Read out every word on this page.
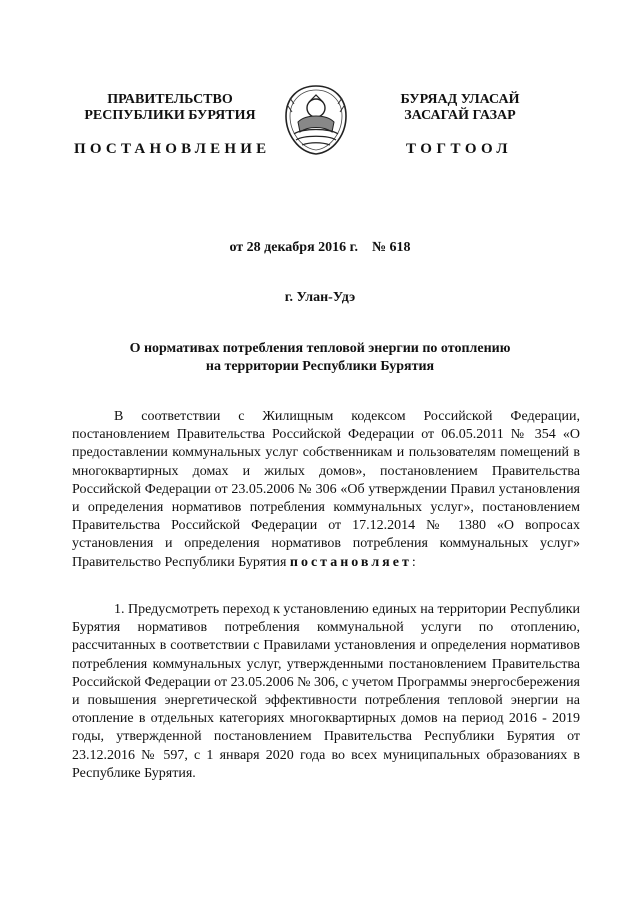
ПРАВИТЕЛЬСТВО
РЕСПУБЛИКИ БУРЯТИЯ
ПОСТАНОВЛЕНИЕ
БУРЯАД УЛАСАЙ
ЗАСАГАЙ ГАЗАР
ТОГТООЛ
от 28 декабря 2016 г.    № 618
г. Улан-Удэ
О нормативах потребления тепловой энергии по отоплению
на территории Республики Бурятия

В соответствии с Жилищным кодексом Российской Федерации, постановлением Правительства Российской Федерации от 06.05.2011 № 354 «О предоставлении коммунальных услуг собственникам и пользователям помещений в многоквартирных домах и жилых домов», постановлением Правительства Российской Федерации от 23.05.2006 № 306 «Об утверждении Правил установления и определения нормативов потребления коммунальных услуг», постановлением Правительства Российской Федерации от 17.12.2014 № 1380 «О вопросах установления и определения нормативов потребления коммунальных услуг» Правительство Республики Бурятия постановляет:

1. Предусмотреть переход к установлению единых на территории Республики Бурятия нормативов потребления коммунальной услуги по отоплению, рассчитанных в соответствии с Правилами установления и определения нормативов потребления коммунальных услуг, утвержденными постановлением Правительства Российской Федерации от 23.05.2006 № 306, с учетом Программы энергосбережения и повышения энергетической эффективности потребления тепловой энергии на отопление в отдельных категориях многоквартирных домов на период 2016 - 2019 годы, утвержденной постановлением Правительства Республики Бурятия от 23.12.2016 № 597, с 1 января 2020 года во всех муниципальных образованиях в Республике Бурятия.
